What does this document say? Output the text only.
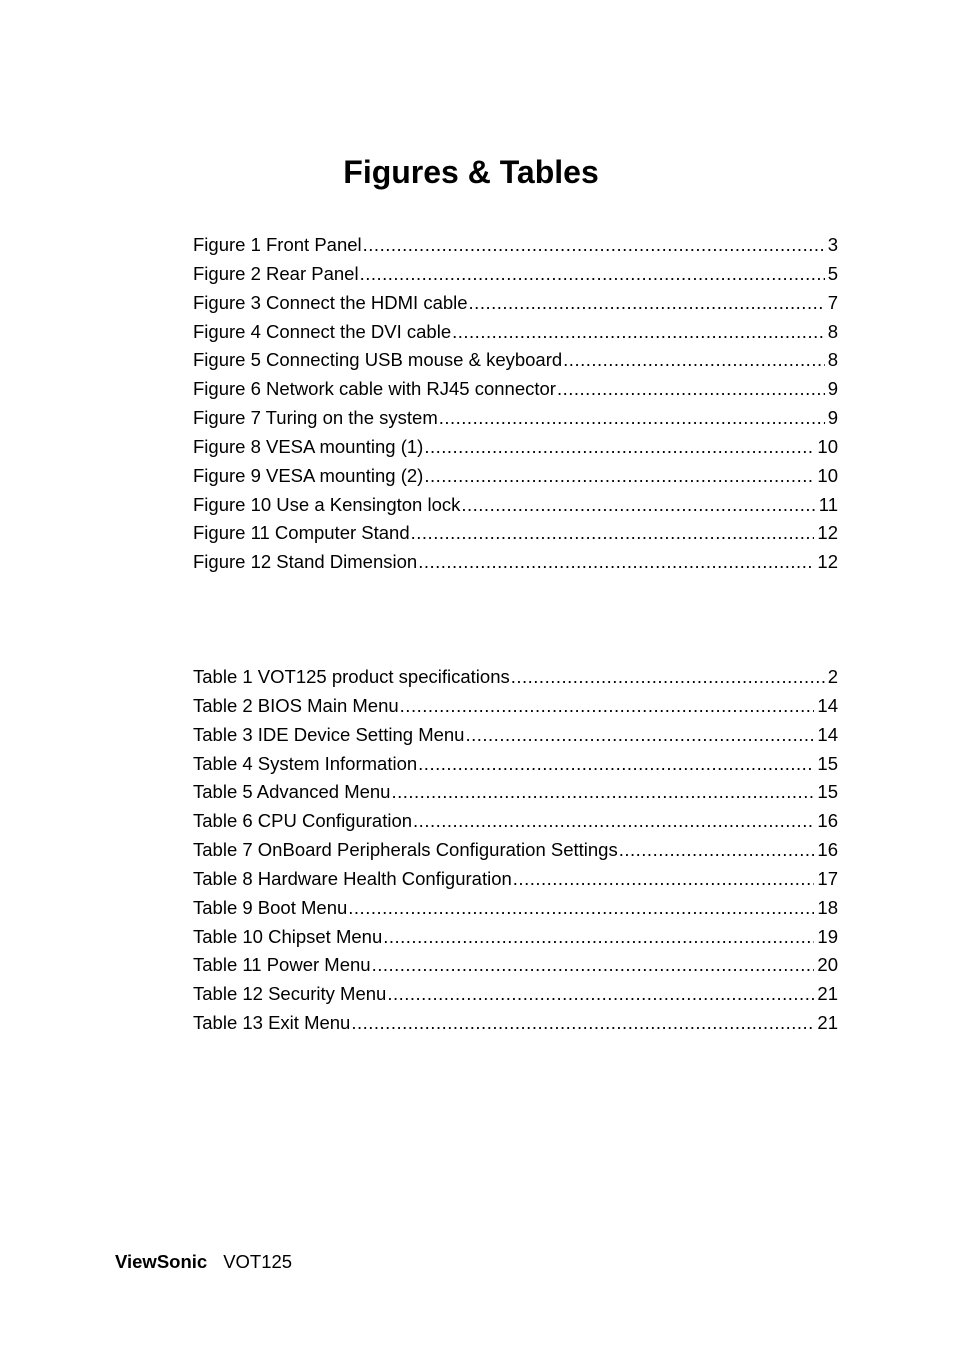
Figures & Tables
Figure 1 Front Panel .....	3
Figure 2 Rear Panel .....	5
Figure 3 Connect the HDMI cable .....	7
Figure 4 Connect the DVI cable .....	8
Figure 5 Connecting USB mouse & keyboard .....	8
Figure 6 Network cable with RJ45 connector .....	9
Figure 7 Turing on the system .....	9
Figure 8 VESA mounting (1) .....	10
Figure 9 VESA mounting (2) .....	10
Figure 10 Use a Kensington lock .....	11
Figure 11 Computer Stand .....	12
Figure 12 Stand Dimension .....	12
Table 1 VOT125 product specifications .....	2
Table 2 BIOS Main Menu .....	14
Table 3 IDE Device Setting Menu .....	14
Table 4 System Information .....	15
Table 5 Advanced Menu .....	15
Table 6 CPU Configuration .....	16
Table 7 OnBoard Peripherals Configuration Settings .....	16
Table 8 Hardware Health Configuration .....	17
Table 9 Boot Menu .....	18
Table 10 Chipset Menu .....	19
Table 11 Power Menu .....	20
Table 12 Security Menu .....	21
Table 13 Exit Menu .....	21
ViewSonic VOT125
